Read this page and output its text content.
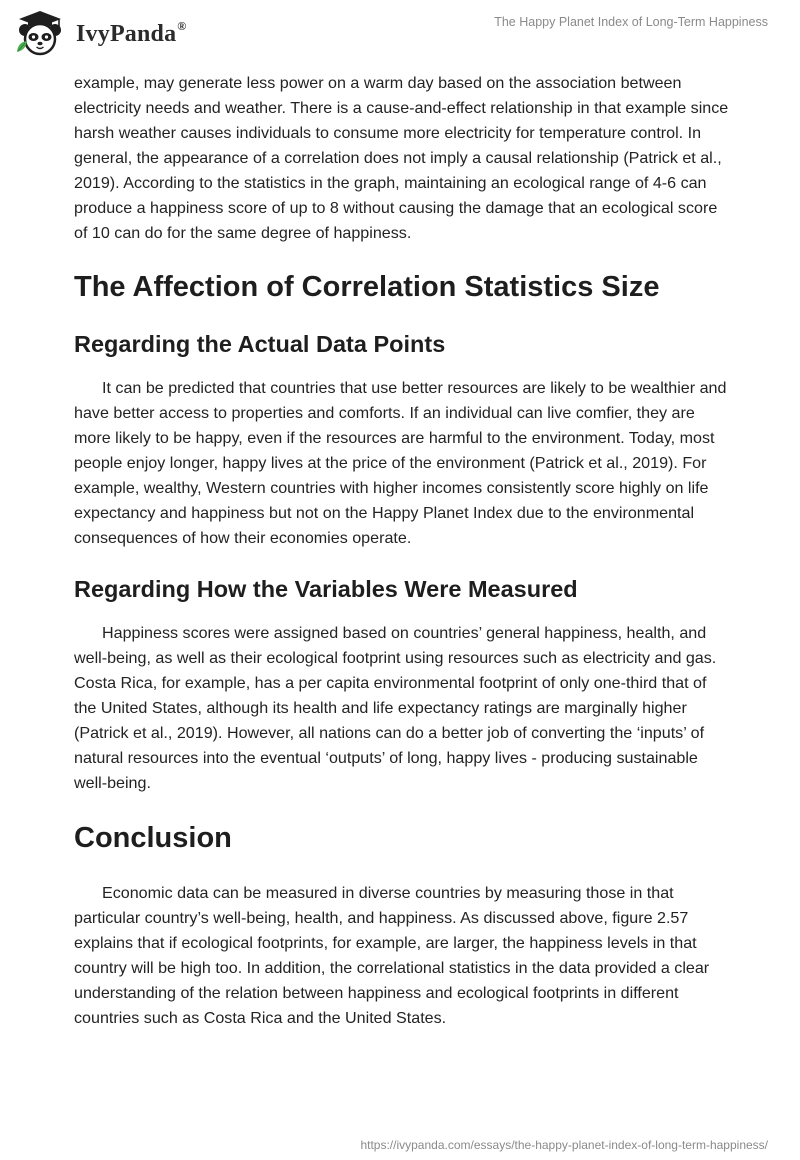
IvyPanda ®	The Happy Planet Index of Long-Term Happiness

example, may generate less power on a warm day based on the association between electricity needs and weather. There is a cause-and-effect relationship in that example since harsh weather causes individuals to consume more electricity for temperature control. In general, the appearance of a correlation does not imply a causal relationship (Patrick et al., 2019). According to the statistics in the graph, maintaining an ecological range of 4-6 can produce a happiness score of up to 8 without causing the damage that an ecological score of 10 can do for the same degree of happiness.

The Affection of Correlation Statistics Size
Regarding the Actual Data Points

It can be predicted that countries that use better resources are likely to be wealthier and have better access to properties and comforts. If an individual can live comfier, they are more likely to be happy, even if the resources are harmful to the environment. Today, most people enjoy longer, happy lives at the price of the environment (Patrick et al., 2019). For example, wealthy, Western countries with higher incomes consistently score highly on life expectancy and happiness but not on the Happy Planet Index due to the environmental consequences of how their economies operate.

Regarding How the Variables Were Measured

Happiness scores were assigned based on countries’ general happiness, health, and well-being, as well as their ecological footprint using resources such as electricity and gas. Costa Rica, for example, has a per capita environmental footprint of only one-third that of the United States, although its health and life expectancy ratings are marginally higher (Patrick et al., 2019). However, all nations can do a better job of converting the ‘inputs’ of natural resources into the eventual ‘outputs’ of long, happy lives - producing sustainable well-being.

Conclusion

Economic data can be measured in diverse countries by measuring those in that particular country’s well-being, health, and happiness. As discussed above, figure 2.57 explains that if ecological footprints, for example, are larger, the happiness levels in that country will be high too. In addition, the correlational statistics in the data provided a clear understanding of the relation between happiness and ecological footprints in different countries such as Costa Rica and the United States.

https://ivypanda.com/essays/the-happy-planet-index-of-long-term-happiness/
